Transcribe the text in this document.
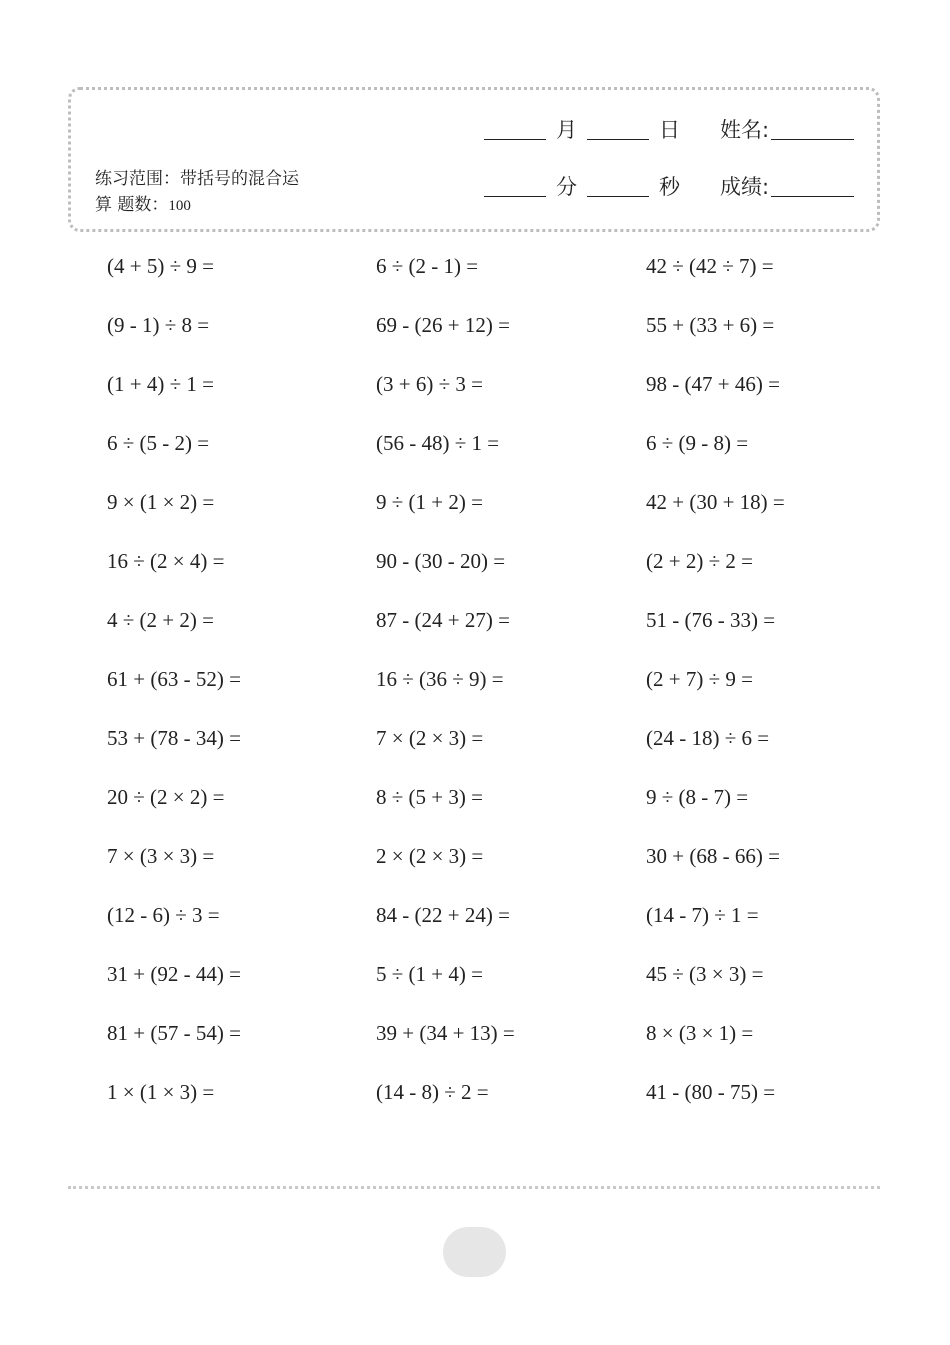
练习范围：带括号的混合运
算 题数：100
月	日 姓名:
分	秒 成绩:
(4 + 5) ÷ 9 =
(9 - 1) ÷ 8 =
(1 + 4) ÷ 1 =
6 ÷ (5 - 2) =
9 × (1 × 2) =
16 ÷ (2 × 4) =
4 ÷ (2 + 2) =
61 + (63 - 52) =
53 + (78 - 34) =
20 ÷ (2 × 2) =
7 × (3 × 3) =
(12 - 6) ÷ 3 =
31 + (92 - 44) =
81 + (57 - 54) =
1 × (1 × 3) =
6 ÷ (2 - 1) =
69 - (26 + 12) =
(3 + 6) ÷ 3 =
(56 - 48) ÷ 1 =
9 ÷ (1 + 2) =
90 - (30 - 20) =
87 - (24 + 27) =
16 ÷ (36 ÷ 9) =
7 × (2 × 3) =
8 ÷ (5 + 3) =
2 × (2 × 3) =
84 - (22 + 24) =
5 ÷ (1 + 4) =
39 + (34 + 13) =
(14 - 8) ÷ 2 =
42 ÷ (42 ÷ 7) =
55 + (33 + 6) =
98 - (47 + 46) =
6 ÷ (9 - 8) =
42 + (30 + 18) =
(2 + 2) ÷ 2 =
51 - (76 - 33) =
(2 + 7) ÷ 9 =
(24 - 18) ÷ 6 =
9 ÷ (8 - 7) =
30 + (68 - 66) =
(14 - 7) ÷ 1 =
45 ÷ (3 × 3) =
8 × (3 × 1) =
41 - (80 - 75) =
